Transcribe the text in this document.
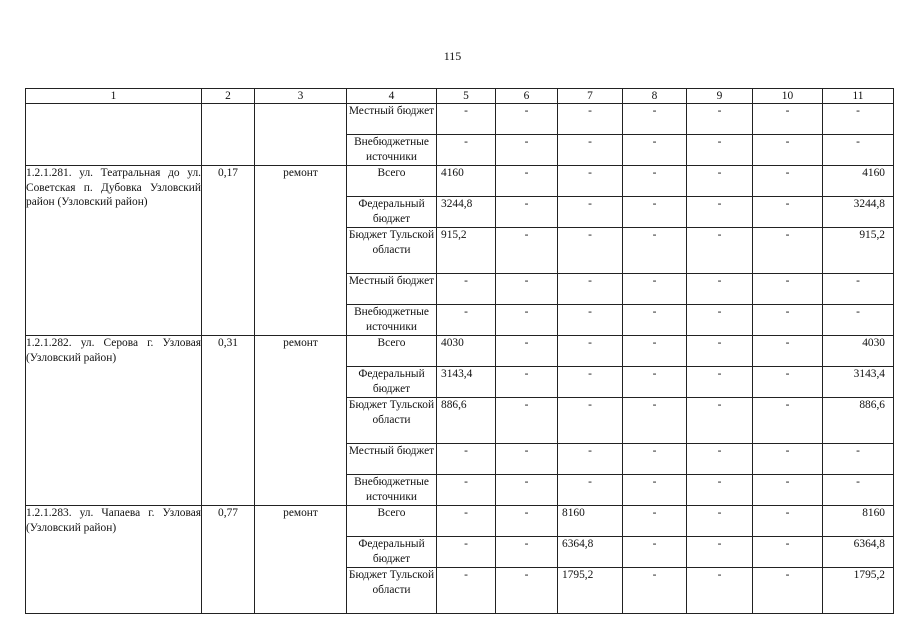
115
1	2	3	4	5	6	7	8	9	10	11
			Местный бюджет	-	-	-	-	-	-	-
			Внебюджетные источники	-	-	-	-	-	-	-
1.2.1.281. ул. Театральная до ул. Советская п. Дубовка Узловский район (Узловский район)	0,17	ремонт	Всего	4160	-	-	-	-	-	4160
			Федеральный бюджет	3244,8	-	-	-	-	-	3244,8
			Бюджет Тульской области	915,2	-	-	-	-	-	915,2
			Местный бюджет	-	-	-	-	-	-	-
			Внебюджетные источники	-	-	-	-	-	-	-
1.2.1.282. ул. Серова г. Узловая (Узловский район)	0,31	ремонт	Всего	4030	-	-	-	-	-	4030
			Федеральный бюджет	3143,4	-	-	-	-	-	3143,4
			Бюджет Тульской области	886,6	-	-	-	-	-	886,6
			Местный бюджет	-	-	-	-	-	-	-
			Внебюджетные источники	-	-	-	-	-	-	-
1.2.1.283. ул. Чапаева г. Узловая (Узловский район)	0,77	ремонт	Всего	-	-	8160	-	-	-	8160
			Федеральный бюджет	-	-	6364,8	-	-	-	6364,8
			Бюджет Тульской области	-	-	1795,2	-	-	-	1795,2
